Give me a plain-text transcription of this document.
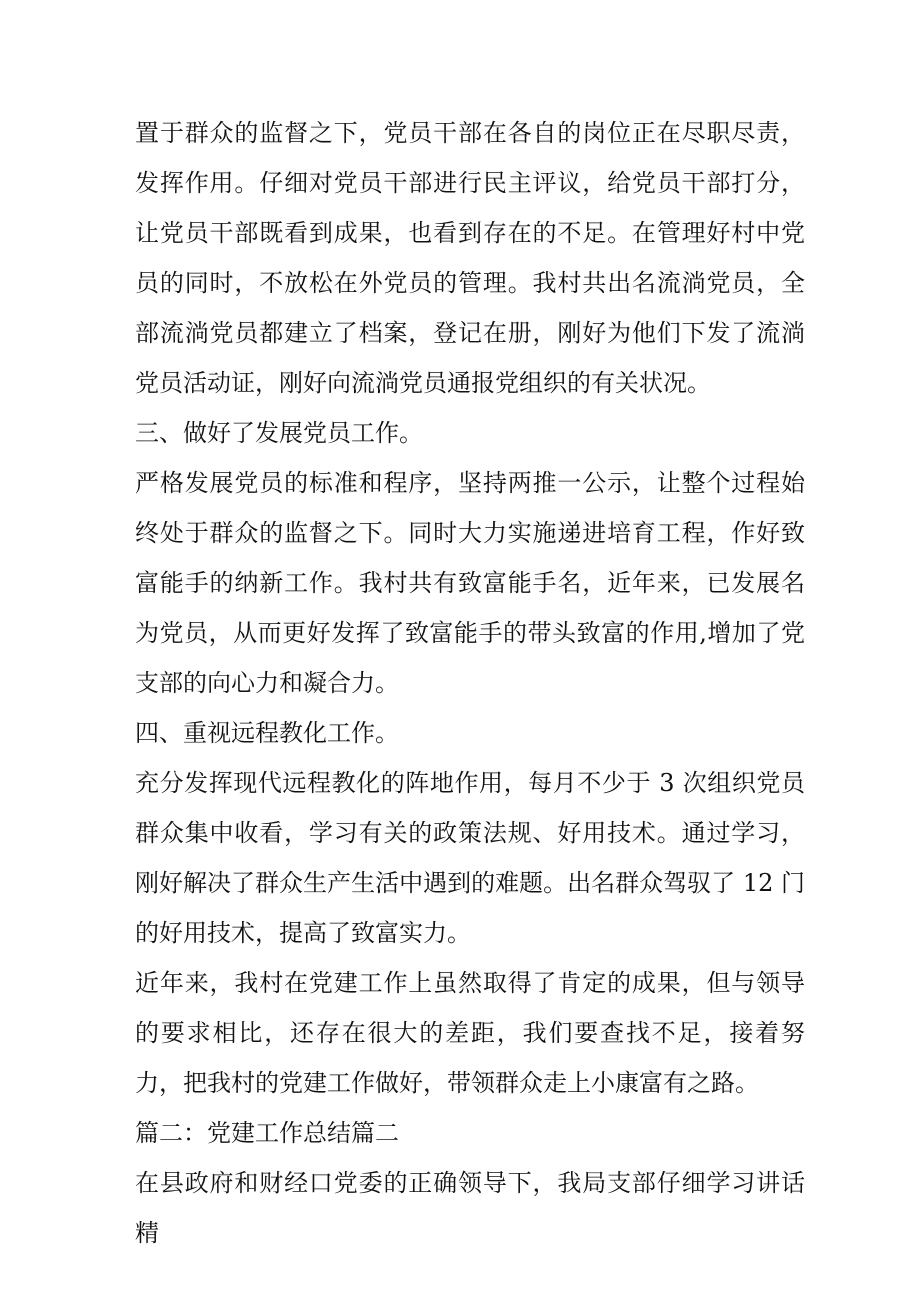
置于群众的监督之下，党员干部在各自的岗位正在尽职尽责，发挥作用。仔细对党员干部进行民主评议，给党员干部打分，让党员干部既看到成果，也看到存在的不足。在管理好村中党员的同时，不放松在外党员的管理。我村共出名流淌党员，全部流淌党员都建立了档案，登记在册，刚好为他们下发了流淌党员活动证，刚好向流淌党员通报党组织的有关状况。

三、做好了发展党员工作。

严格发展党员的标准和程序，坚持两推一公示，让整个过程始终处于群众的监督之下。同时大力实施递进培育工程，作好致富能手的纳新工作。我村共有致富能手名，近年来，已发展名为党员，从而更好发挥了致富能手的带头致富的作用,增加了党支部的向心力和凝合力。

四、重视远程教化工作。

充分发挥现代远程教化的阵地作用，每月不少于 3 次组织党员群众集中收看，学习有关的政策法规、好用技术。通过学习，刚好解决了群众生产生活中遇到的难题。出名群众驾驭了 12 门的好用技术，提高了致富实力。

近年来，我村在党建工作上虽然取得了肯定的成果，但与领导的要求相比，还存在很大的差距，我们要查找不足，接着努力，把我村的党建工作做好，带领群众走上小康富有之路。

篇二：党建工作总结篇二

在县政府和财经口党委的正确领导下，我局支部仔细学习讲话精
